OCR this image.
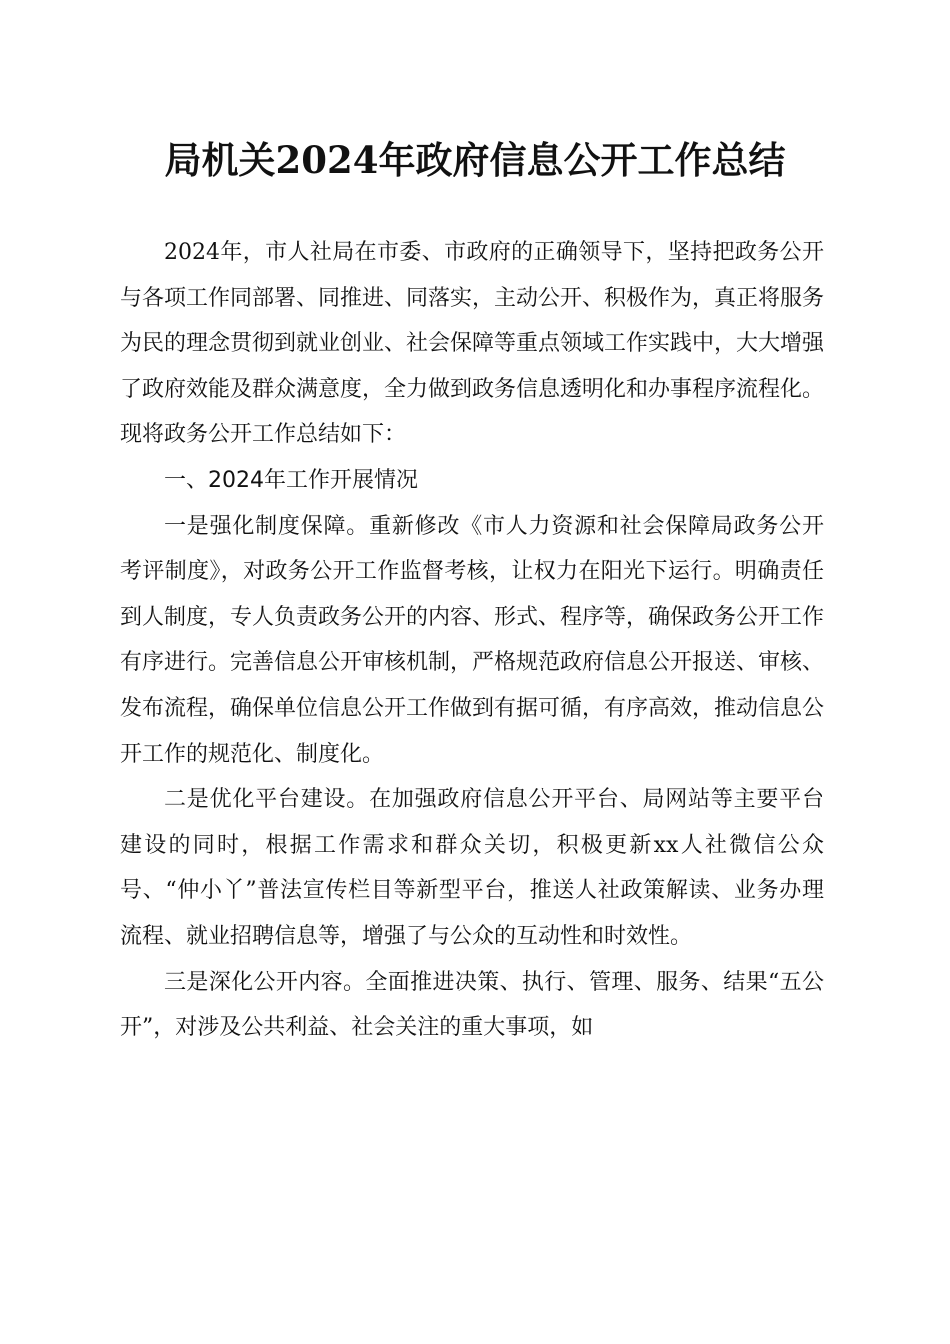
局机关2024年政府信息公开工作总结

2024年，市人社局在市委、市政府的正确领导下，坚持把政务公开与各项工作同部署、同推进、同落实，主动公开、积极作为，真正将服务为民的理念贯彻到就业创业、社会保障等重点领域工作实践中，大大增强了政府效能及群众满意度，全力做到政务信息透明化和办事程序流程化。现将政务公开工作总结如下：

一、2024年工作开展情况

一是强化制度保障。重新修改《市人力资源和社会保障局政务公开考评制度》，对政务公开工作监督考核，让权力在阳光下运行。明确责任到人制度，专人负责政务公开的内容、形式、程序等，确保政务公开工作有序进行。完善信息公开审核机制，严格规范政府信息公开报送、审核、发布流程，确保单位信息公开工作做到有据可循，有序高效，推动信息公开工作的规范化、制度化。

二是优化平台建设。在加强政府信息公开平台、局网站等主要平台建设的同时，根据工作需求和群众关切，积极更新xx人社微信公众号、“仲小丫”普法宣传栏目等新型平台，推送人社政策解读、业务办理流程、就业招聘信息等，增强了与公众的互动性和时效性。

三是深化公开内容。全面推进决策、执行、管理、服务、结果“五公开”，对涉及公共利益、社会关注的重大事项，如
